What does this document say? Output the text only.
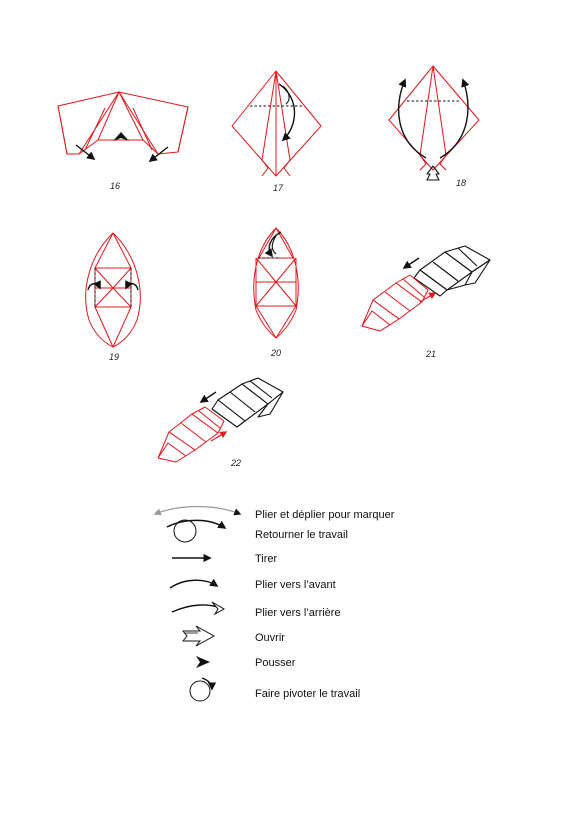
16	17	18
19	20	21
22
Plier et déplier pour marquer
Retourner le travail
Tirer
Plier vers l’avant
Plier vers l’arrière
Ouvrir
Pousser
Faire pivoter le travail
